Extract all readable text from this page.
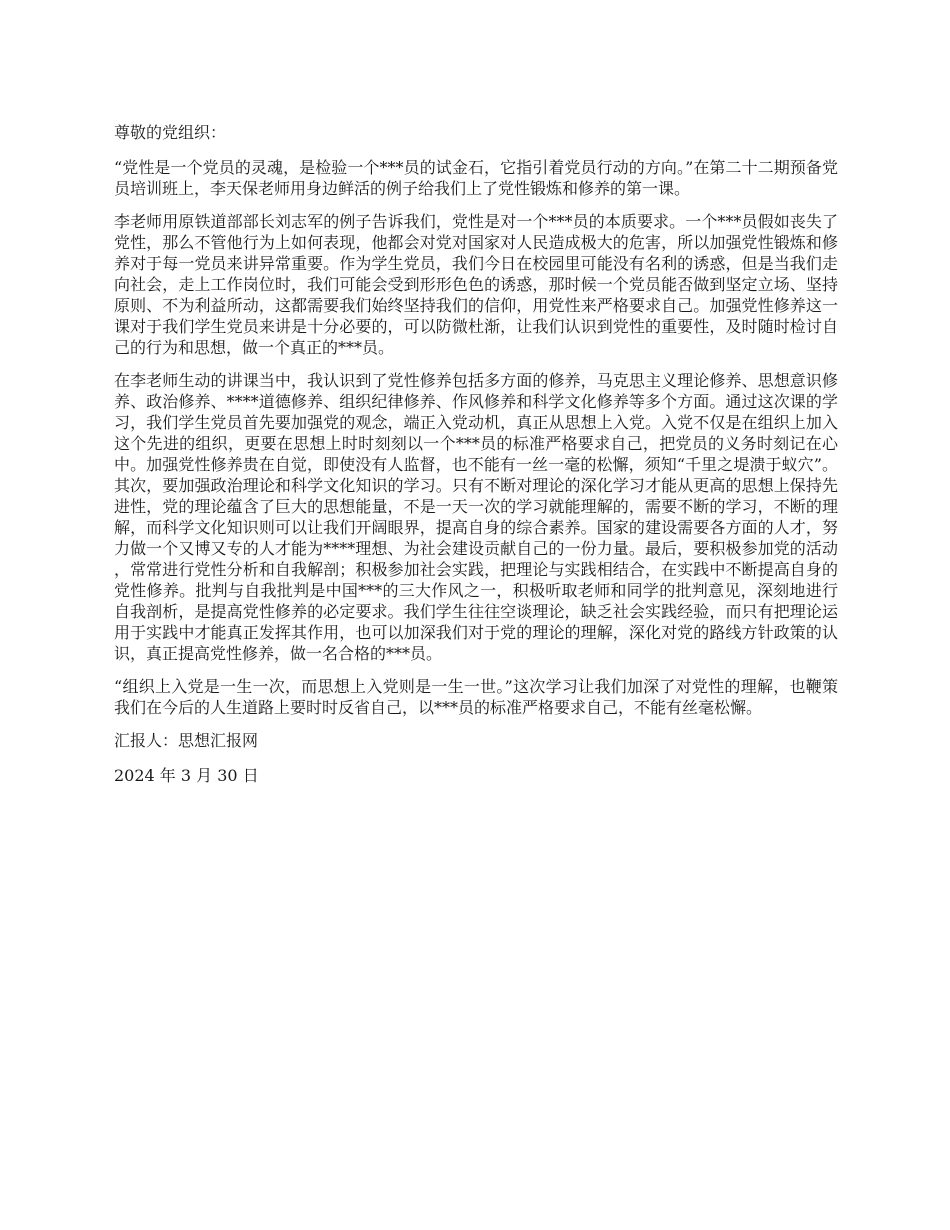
尊敬的党组织：

“党性是一个党员的灵魂，是检验一个***员的试金石，它指引着党员行动的方向。”在第二十二期预备党员培训班上，李天保老师用身边鲜活的例子给我们上了党性锻炼和修养的第一课。

李老师用原铁道部部长刘志军的例子告诉我们，党性是对一个***员的本质要求。一个***员假如丧失了党性，那么不管他行为上如何表现，他都会对党对国家对人民造成极大的危害，所以加强党性锻炼和修养对于每一党员来讲异常重要。作为学生党员，我们今日在校园里可能没有名利的诱惑，但是当我们走向社会，走上工作岗位时，我们可能会受到形形色色的诱惑，那时候一个党员能否做到坚定立场、坚持原则、不为利益所动，这都需要我们始终坚持我们的信仰，用党性来严格要求自己。加强党性修养这一课对于我们学生党员来讲是十分必要的，可以防微杜渐，让我们认识到党性的重要性，及时随时检讨自己的行为和思想，做一个真正的***员。

在李老师生动的讲课当中，我认识到了党性修养包括多方面的修养，马克思主义理论修养、思想意识修养、政治修养、****道德修养、组织纪律修养、作风修养和科学文化修养等多个方面。通过这次课的学习，我们学生党员首先要加强党的观念，端正入党动机，真正从思想上入党。入党不仅是在组织上加入这个先进的组织，更要在思想上时时刻刻以一个***员的标准严格要求自己，把党员的义务时刻记在心中。加强党性修养贵在自觉，即使没有人监督，也不能有一丝一毫的松懈，须知“千里之堤溃于蚁穴”。其次，要加强政治理论和科学文化知识的学习。只有不断对理论的深化学习才能从更高的思想上保持先进性，党的理论蕴含了巨大的思想能量，不是一天一次的学习就能理解的，需要不断的学习，不断的理解，而科学文化知识则可以让我们开阔眼界，提高自身的综合素养。国家的建设需要各方面的人才，努力做一个又博又专的人才能为****理想、为社会建设贡献自己的一份力量。最后，要积极参加党的活动，常常进行党性分析和自我解剖；积极参加社会实践，把理论与实践相结合，在实践中不断提高自身的党性修养。批判与自我批判是中国***的三大作风之一，积极听取老师和同学的批判意见，深刻地进行自我剖析，是提高党性修养的必定要求。我们学生往往空谈理论，缺乏社会实践经验，而只有把理论运用于实践中才能真正发挥其作用，也可以加深我们对于党的理论的理解，深化对党的路线方针政策的认识，真正提高党性修养，做一名合格的***员。

“组织上入党是一生一次，而思想上入党则是一生一世。”这次学习让我们加深了对党性的理解，也鞭策我们在今后的人生道路上要时时反省自己，以***员的标准严格要求自己，不能有丝毫松懈。

汇报人：思想汇报网

2024 年 3 月 30 日
